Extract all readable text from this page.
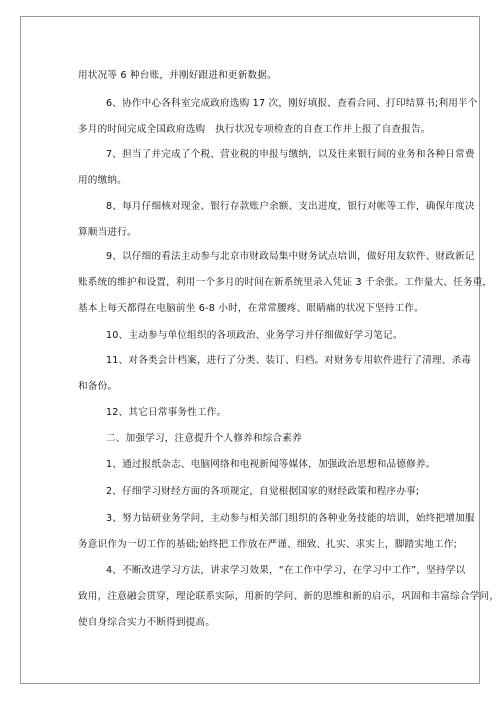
用状况等 6 种台账，并刚好跟进和更新数据。
6、协作中心各科室完成政府选购 17 次，刚好填报、查看合同、打印结算书;利用半个
多月的时间完成全国政府选购　执行状况专项检查的自查工作并上报了自查报告。
7、担当了并完成了个税、营业税的申报与缴纳，以及往来银行间的业务和各种日常费
用的缴纳。
8、每月仔细核对现金、银行存款账户余额、支出进度，银行对帐等工作，确保年度决
算顺当进行。
9、以仔细的看法主动参与北京市财政局集中财务试点培训，做好用友软件、财政新记
账系统的维护和设置，利用一个多月的时间在新系统里录入凭证 3 千余张。工作量大、任务重，
基本上每天都得在电脑前坐 6-8 小时，在常常腰疼、眼睛痛的状况下坚持工作。
10、主动参与单位组织的各项政治、业务学习并仔细做好学习笔记。
11、对各类会计档案，进行了分类、装订、归档。对财务专用软件进行了清理、杀毒
和备份。
12、其它日常事务性工作。
二、加强学习，注意提升个人修养和综合素养
1、通过报纸杂志、电脑网络和电视新闻等媒体，加强政治思想和品德修养。
2、仔细学习财经方面的各项规定，自觉根据国家的财经政策和程序办事;
3、努力钻研业务学问，主动参与相关部门组织的各种业务技能的培训，始终把增加服
务意识作为一切工作的基础;始终把工作放在严谨、细致、扎实、求实上，脚踏实地工作;
4、不断改进学习方法，讲求学习效果，“在工作中学习，在学习中工作”，坚持学以
致用，注意融会贯穿，理论联系实际，用新的学问、新的思维和新的启示，巩固和丰富综合学问，
使自身综合实力不断得到提高。
